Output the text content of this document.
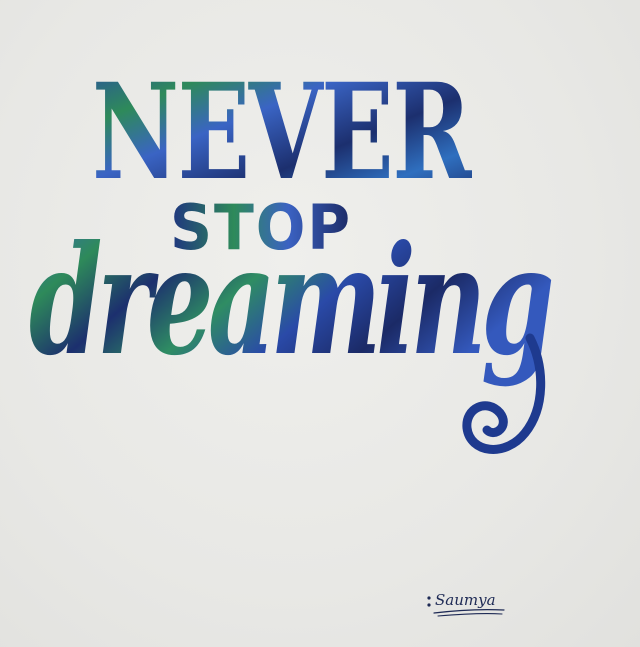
NEVER
STOP
dreaming
Saumya
